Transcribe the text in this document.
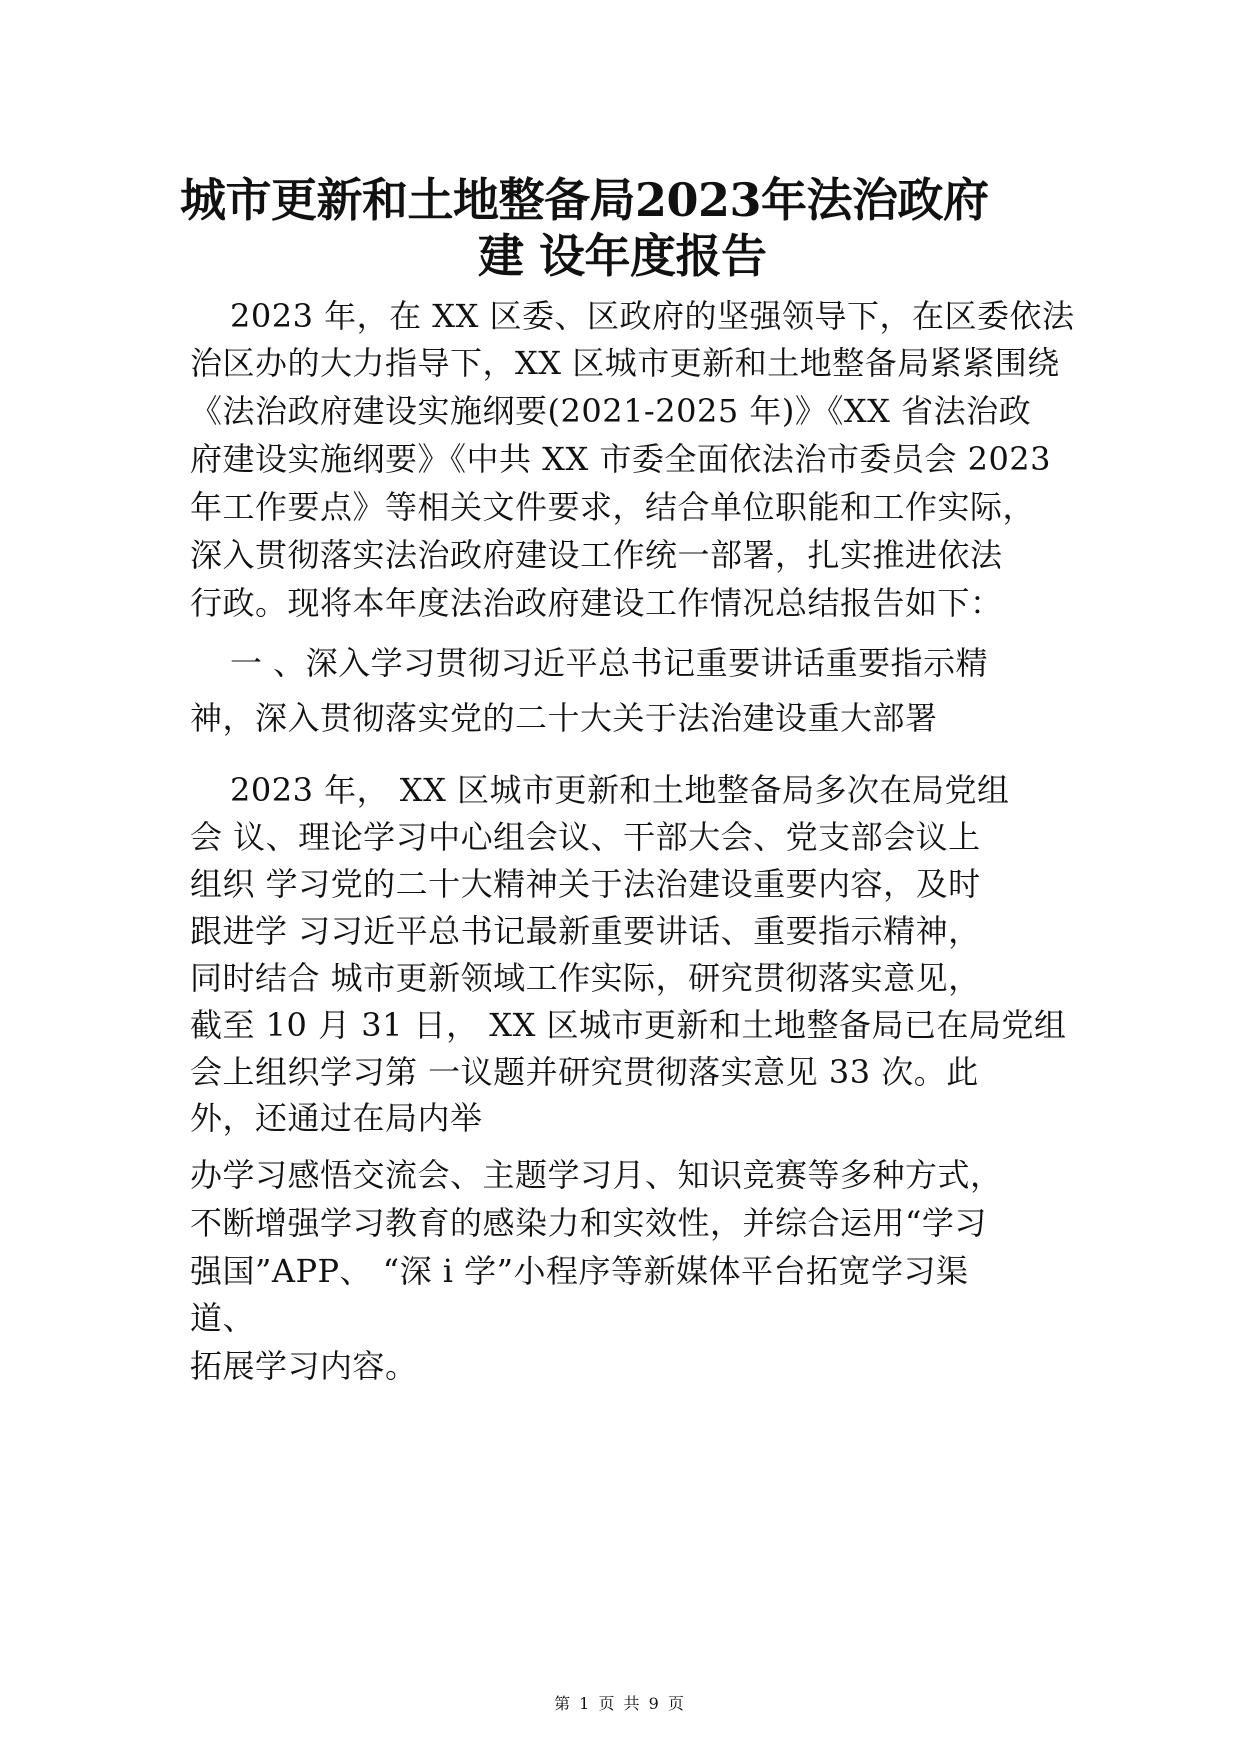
城市更新和土地整备局2023年法治政府
建 设年度报告
2023 年，在 XX 区委、区政府的坚强领导下，在区委依法
治区办的大力指导下，XX 区城市更新和土地整备局紧紧围绕
《法治政府建设实施纲要(2021-2025 年)》《XX 省法治政
府建设实施纲要》《中共 XX 市委全面依法治市委员会 2023
年工作要点》等相关文件要求，结合单位职能和工作实际，
深入贯彻落实法治政府建设工作统一部署，扎实推进依法
行政。现将本年度法治政府建设工作情况总结报告如下：
一 、深入学习贯彻习近平总书记重要讲话重要指示精
神，深入贯彻落实党的二十大关于法治建设重大部署
2023 年， XX 区城市更新和土地整备局多次在局党组
会 议、理论学习中心组会议、干部大会、党支部会议上
组织 学习党的二十大精神关于法治建设重要内容，及时
跟进学 习习近平总书记最新重要讲话、重要指示精神，
同时结合 城市更新领域工作实际，研究贯彻落实意见，
截至 10 月 31 日， XX 区城市更新和土地整备局已在局党组
会上组织学习第 一议题并研究贯彻落实意见 33 次。此
外，还通过在局内举
办学习感悟交流会、主题学习月、知识竞赛等多种方式，
不断增强学习教育的感染力和实效性，并综合运用“学习
强国”APP、 “深 i 学”小程序等新媒体平台拓宽学习渠
道、
拓展学习内容。
第 1 页 共 9 页
